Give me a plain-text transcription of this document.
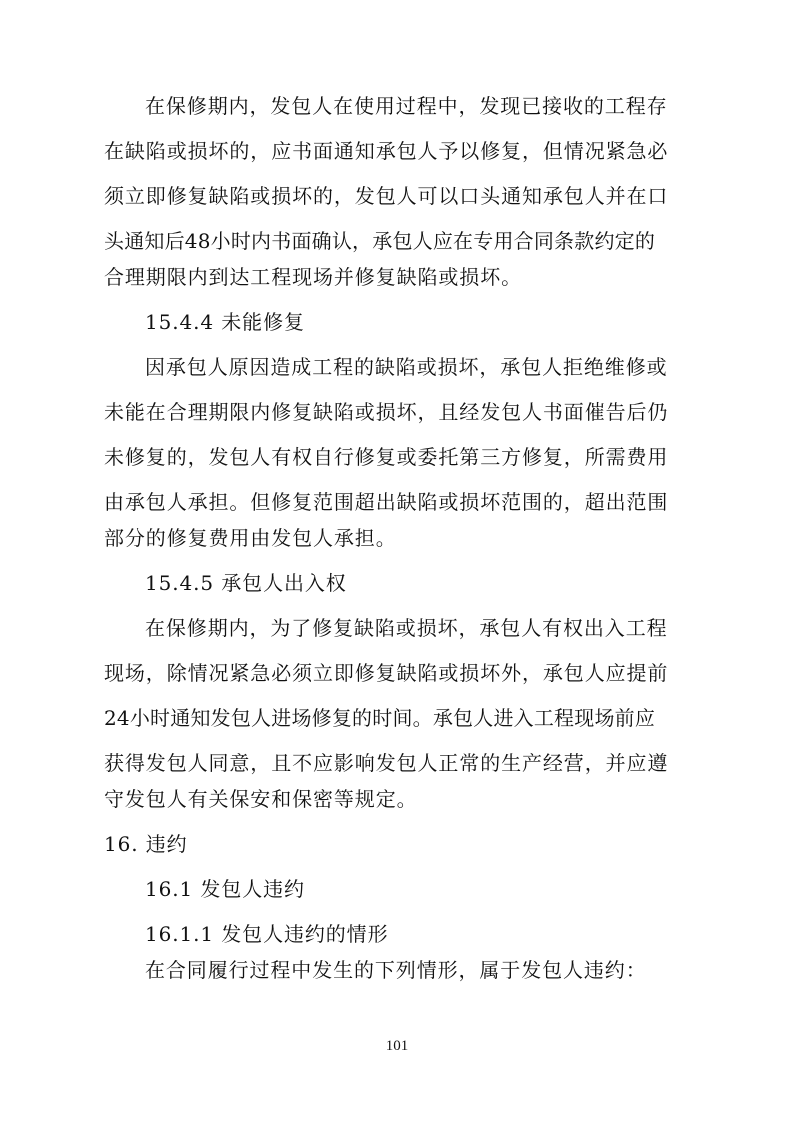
在保修期内，发包人在使用过程中，发现已接收的工程存
在缺陷或损坏的，应书面通知承包人予以修复，但情况紧急必
须立即修复缺陷或损坏的，发包人可以口头通知承包人并在口
头通知后48小时内书面确认，承包人应在专用合同条款约定的
合理期限内到达工程现场并修复缺陷或损坏。
15.4.4 未能修复
因承包人原因造成工程的缺陷或损坏，承包人拒绝维修或
未能在合理期限内修复缺陷或损坏，且经发包人书面催告后仍
未修复的，发包人有权自行修复或委托第三方修复，所需费用
由承包人承担。但修复范围超出缺陷或损坏范围的，超出范围
部分的修复费用由发包人承担。
15.4.5 承包人出入权
在保修期内，为了修复缺陷或损坏，承包人有权出入工程
现场，除情况紧急必须立即修复缺陷或损坏外，承包人应提前
24小时通知发包人进场修复的时间。承包人进入工程现场前应
获得发包人同意，且不应影响发包人正常的生产经营，并应遵
守发包人有关保安和保密等规定。
16. 违约
16.1 发包人违约
16.1.1 发包人违约的情形
在合同履行过程中发生的下列情形，属于发包人违约：
101
